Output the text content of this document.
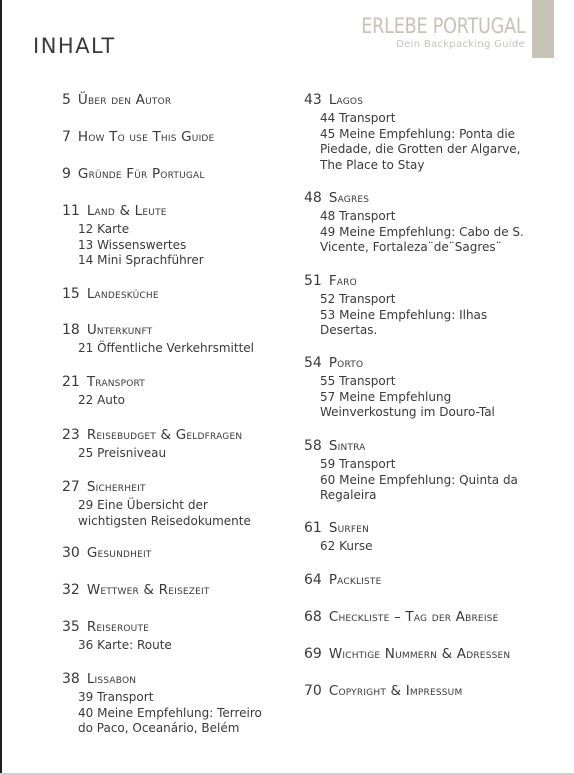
INHALT
ERLEBE PORTUGAL
Dein Backpacking Guide
5 Über den Autor
7 How To use This Guide
9 Gründe Für Portugal
11 Land & Leute
12 Karte
13 Wissenswertes
14 Mini Sprachführer
15 Landesküche
18 Unterkunft
21 Öffentliche Verkehrsmittel
21 Transport
22 Auto
23 Reisebudget & Geldfragen
25 Preisniveau
27 Sicherheit
29 Eine Übersicht der
wichtigsten Reisedokumente
30 Gesundheit
32 Wettwer & Reisezeit
35 Reiseroute
36 Karte: Route
38 Lissabon
39 Transport
40 Meine Empfehlung: Terreiro
do Paco, Oceanário, Belém
43 Lagos
44 Transport
45 Meine Empfehlung: Ponta die
Piedade, die Grotten der Algarve,
The Place to Stay
48 Sagres
48 Transport
49 Meine Empfehlung: Cabo de S.
Vicente, Fortaleza¨de¨Sagres¨
51 Faro
52 Transport
53 Meine Empfehlung: Ilhas
Desertas.
54 Porto
55 Transport
57 Meine Empfehlung
Weinverkostung im Douro-Tal
58 Sintra
59 Transport
60 Meine Empfehlung: Quinta da
Regaleira
61 Surfen
62 Kurse
64 Packliste
68 Checkliste – Tag der Abreise
69 Wichtige Nummern & Adressen
70 Copyright & Impressum
